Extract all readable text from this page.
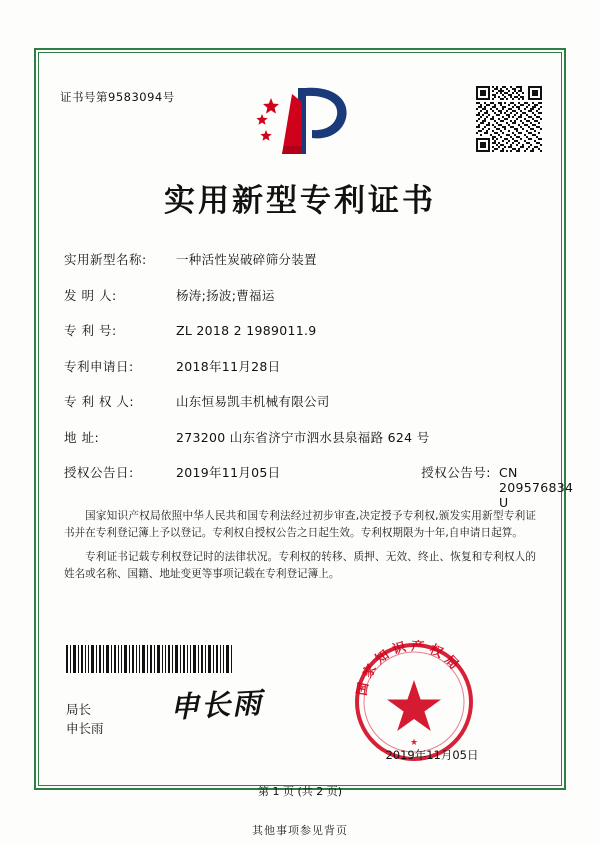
证书号第9583094号
实用新型专利证书
实用新型名称:	一种活性炭破碎筛分装置
发 明 人:	杨涛;扬波;曹福运
专 利 号:	ZL 2018 2 1989011.9
专利申请日:	2018年11月28日
专 利 权 人:	山东恒易凯丰机械有限公司
地 址:	273200 山东省济宁市泗水县泉福路 624 号
授权公告日:	2019年11月05日	授权公告号: CN 209576834 U

国家知识产权局依照中华人民共和国专利法经过初步审查,决定授予专利权,颁发实用新型专利证书并在专利登记簿上予以登记。专利权自授权公告之日起生效。专利权期限为十年,自申请日起算。

专利证书记载专利权登记时的法律状况。专利权的转移、质押、无效、终止、恢复和专利权人的姓名或名称、国籍、地址变更等事项记载在专利登记簿上。

国 家 知 识 产 权 局
★
局长
申长雨
申长雨
2019年11月05日
第 1 页 (共 2 页)
其他事项参见背页
